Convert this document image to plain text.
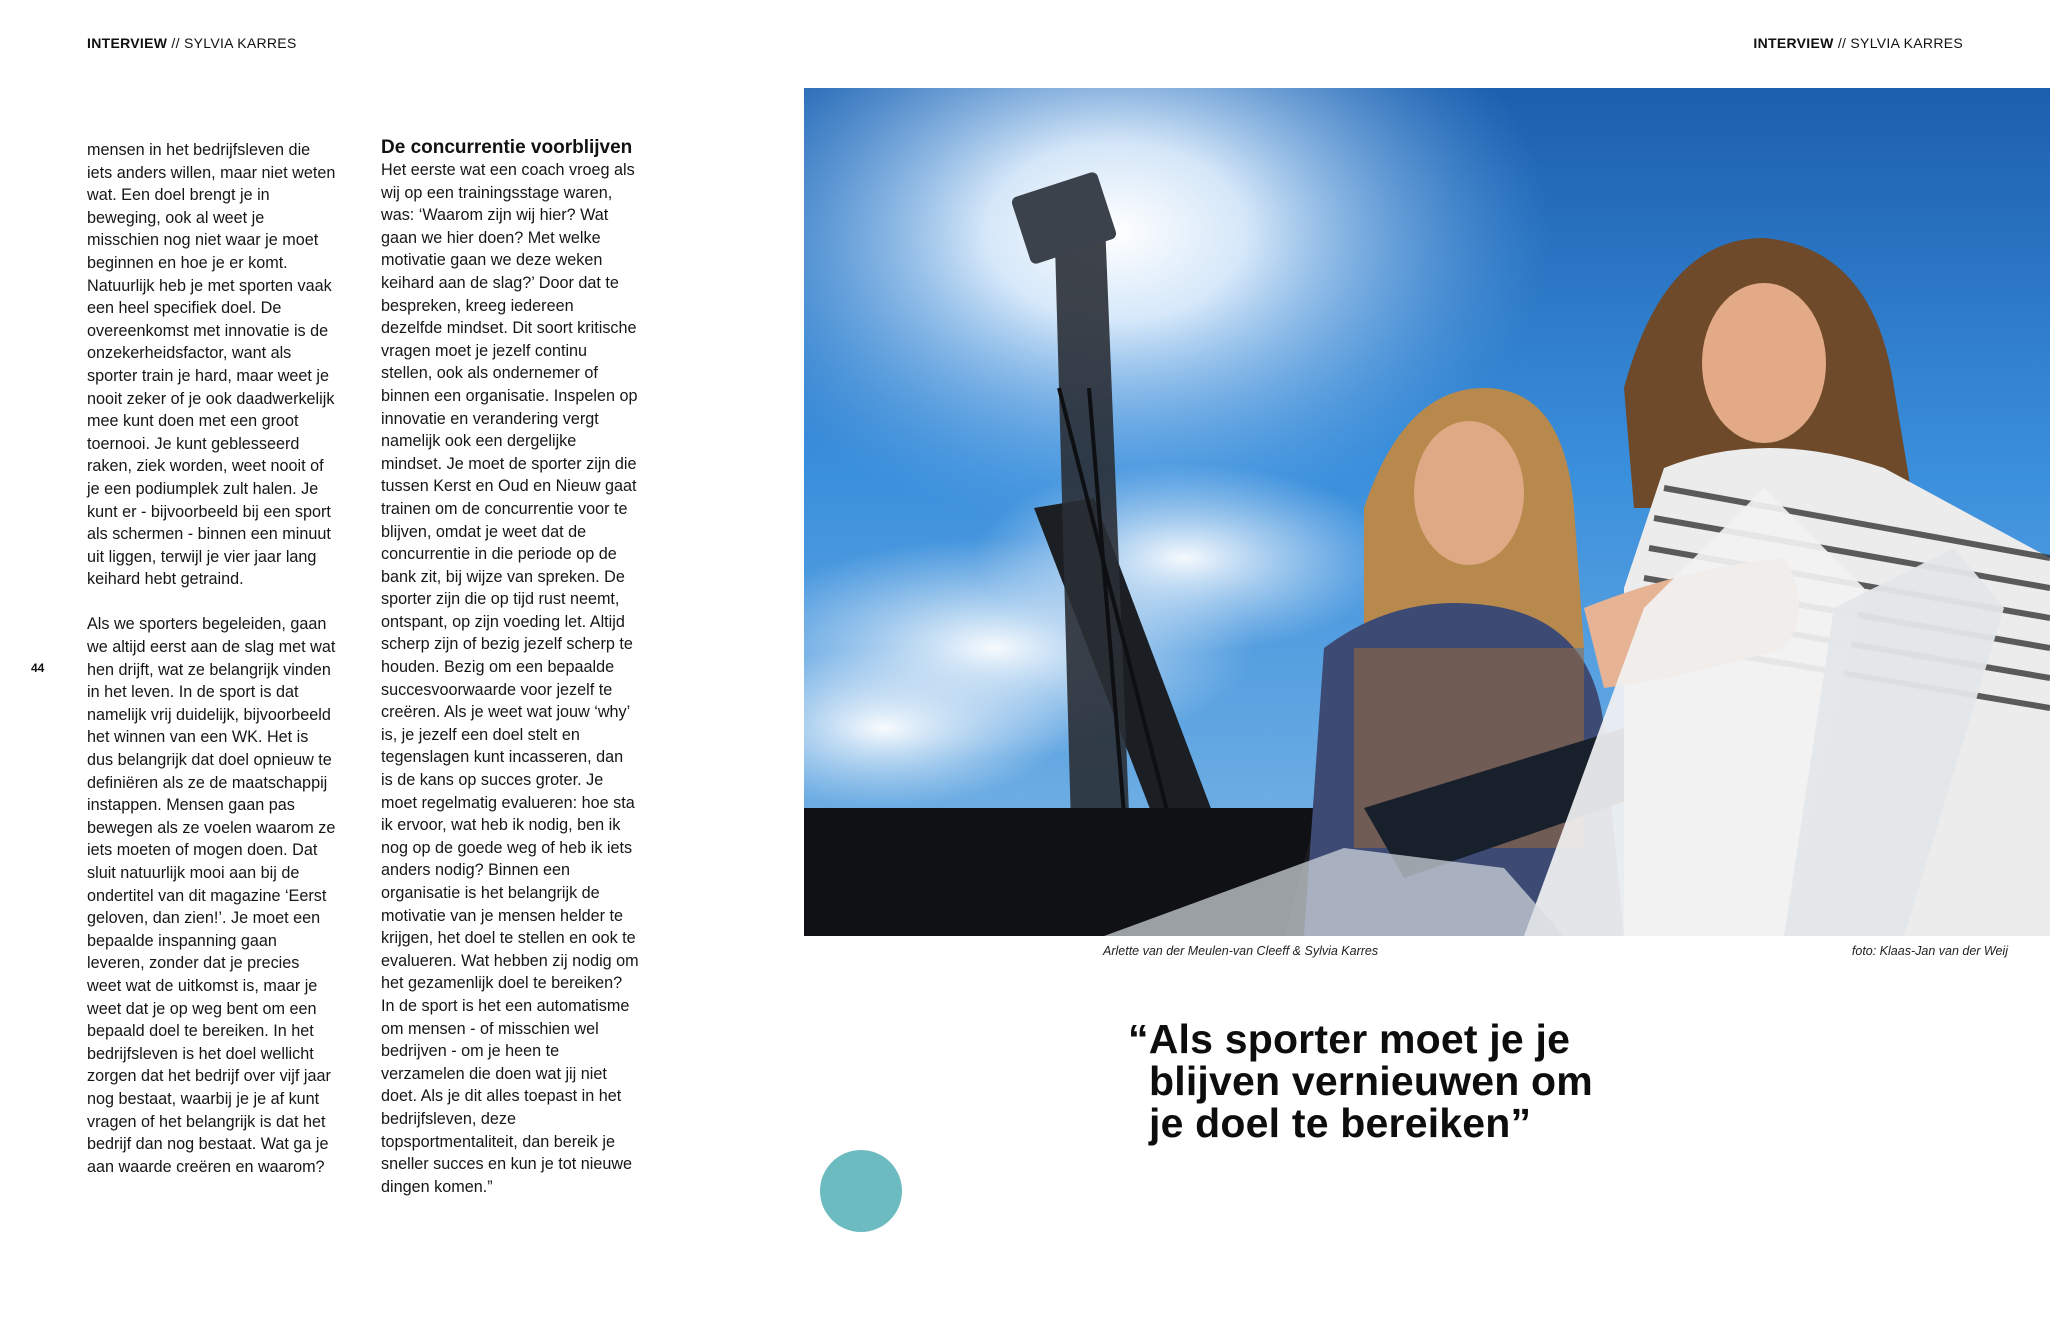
INTERVIEW // SYLVIA KARRES	INTERVIEW // SYLVIA KARRES
44

mensen in het bedrijfsleven die iets anders willen, maar niet weten wat. Een doel brengt je in beweging, ook al weet je misschien nog niet waar je moet beginnen en hoe je er komt. Natuurlijk heb je met sporten vaak een heel specifiek doel. De overeenkomst met innovatie is de onzekerheidsfactor, want als sporter train je hard, maar weet je nooit zeker of je ook daadwerkelijk mee kunt doen met een groot toernooi. Je kunt geblesseerd raken, ziek worden, weet nooit of je een podiumplek zult halen. Je kunt er - bijvoorbeeld bij een sport als schermen - binnen een minuut uit liggen, terwijl je vier jaar lang keihard hebt getraind.

Als we sporters begeleiden, gaan we altijd eerst aan de slag met wat hen drijft, wat ze belangrijk vinden in het leven. In de sport is dat namelijk vrij duidelijk, bijvoorbeeld het winnen van een WK. Het is dus belangrijk dat doel opnieuw te definiëren als ze de maatschappij instappen. Mensen gaan pas bewegen als ze voelen waarom ze iets moeten of mogen doen. Dat sluit natuurlijk mooi aan bij de ondertitel van dit magazine ‘Eerst geloven, dan zien!’. Je moet een bepaalde inspanning gaan leveren, zonder dat je precies weet wat de uitkomst is, maar je weet dat je op weg bent om een bepaald doel te bereiken. In het bedrijfsleven is het doel wellicht zorgen dat het bedrijf over vijf jaar nog bestaat, waarbij je je af kunt vragen of het belangrijk is dat het bedrijf dan nog bestaat. Wat ga je aan waarde creëren en waarom?

De concurrentie voorblijven

Het eerste wat een coach vroeg als wij op een trainingsstage waren, was: ‘Waarom zijn wij hier? Wat gaan we hier doen? Met welke motivatie gaan we deze weken keihard aan de slag?’ Door dat te bespreken, kreeg iedereen dezelfde mindset. Dit soort kritische vragen moet je jezelf continu stellen, ook als ondernemer of binnen een organisatie. Inspelen op innovatie en verandering vergt namelijk ook een dergelijke mindset. Je moet de sporter zijn die tussen Kerst en Oud en Nieuw gaat trainen om de concurrentie voor te blijven, omdat je weet dat de concurrentie in die periode op de bank zit, bij wijze van spreken. De sporter zijn die op tijd rust neemt, ontspant, op zijn voeding let. Altijd scherp zijn of bezig jezelf scherp te houden. Bezig om een bepaalde succesvoorwaarde voor jezelf te creëren. Als je weet wat jouw ‘why’ is, je jezelf een doel stelt en tegenslagen kunt incasseren, dan is de kans op succes groter. Je moet regelmatig evalueren: hoe sta ik ervoor, wat heb ik nodig, ben ik nog op de goede weg of heb ik iets anders nodig? Binnen een organisatie is het belangrijk de motivatie van je mensen helder te krijgen, het doel te stellen en ook te evalueren. Wat hebben zij nodig om het gezamenlijk doel te bereiken? In de sport is het een automatisme om mensen - of misschien wel bedrijven - om je heen te verzamelen die doen wat jij niet doet. Als je dit alles toepast in het bedrijfsleven, deze topsportmentaliteit, dan bereik je sneller succes en kun je tot nieuwe dingen komen.”

Arlette van der Meulen-van Cleeff & Sylvia Karres	foto: Klaas-Jan van der Weij
“Als sporter moet je je
blijven vernieuwen om
je doel te bereiken”
